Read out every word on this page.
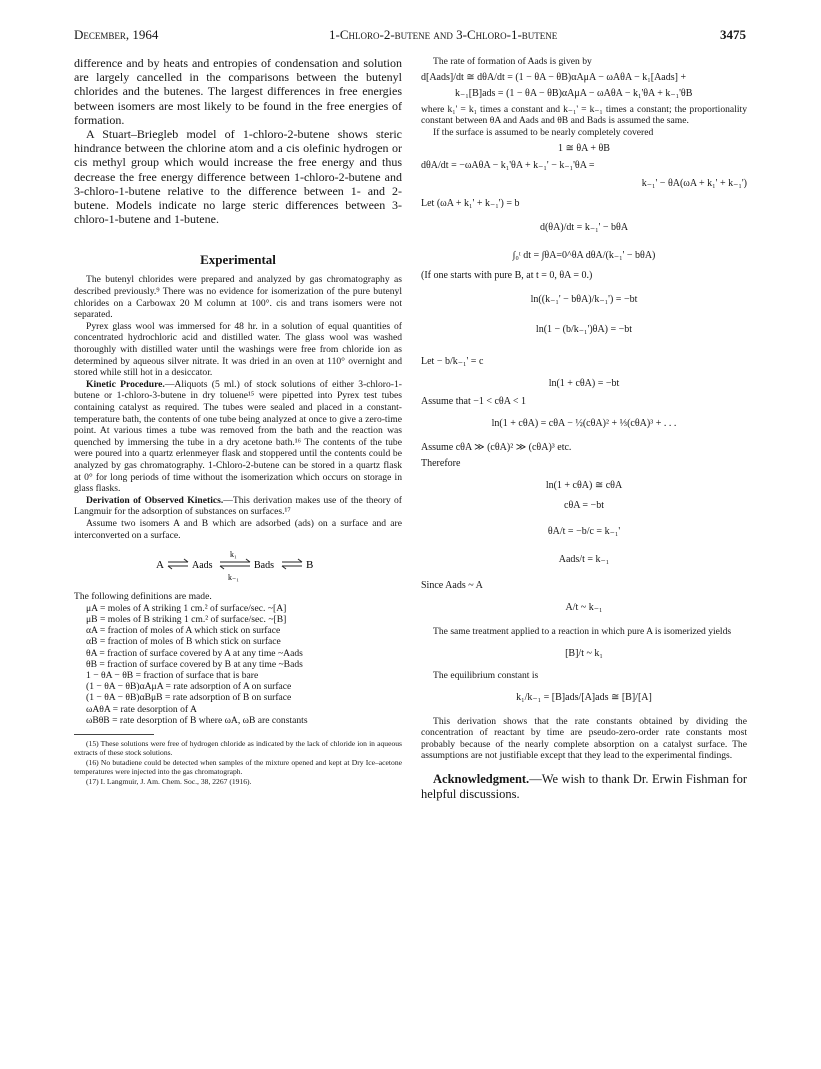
December, 1964	1-Chloro-2-butene and 3-Chloro-1-butene	3475

difference and by heats and entropies of condensation and solution are largely cancelled in the comparisons between the butenyl chlorides and the butenes. The largest differences in free energies between isomers are most likely to be found in the free energies of formation.

A Stuart–Briegleb model of 1-chloro-2-butene shows steric hindrance between the chlorine atom and a cis olefinic hydrogen or cis methyl group which would increase the free energy and thus decrease the free energy difference between 1-chloro-2-butene and 3-chloro-1-butene relative to the difference between 1- and 2-butene. Models indicate no large steric differences between 3-chloro-1-butene and 1-butene.

Experimental

The butenyl chlorides were prepared and analyzed by gas chromatography as described previously.⁹ There was no evidence for isomerization of the pure butenyl chlorides on a Carbowax 20 M column at 100°. cis and trans isomers were not separated.

Pyrex glass wool was immersed for 48 hr. in a solution of equal quantities of concentrated hydrochloric acid and distilled water. The glass wool was washed thoroughly with distilled water until the washings were free from chloride ion as determined by aqueous silver nitrate. It was dried in an oven at 110° overnight and stored while still hot in a desiccator.

Kinetic Procedure.—Aliquots (5 ml.) of stock solutions of either 3-chloro-1-butene or 1-chloro-3-butene in dry toluene¹⁵ were pipetted into Pyrex test tubes containing catalyst as required. The tubes were sealed and placed in a constant-temperature bath, the contents of one tube being analyzed at once to give a zero-time point. At various times a tube was removed from the bath and the reaction was quenched by immersing the tube in a dry acetone bath.¹⁶ The contents of the tube were poured into a quartz erlenmeyer flask and stoppered until the contents could be analyzed by gas chromatography. 1-Chloro-2-butene can be stored in a quartz flask at 0° for long periods of time without the isomerization which occurs on storage in glass flasks.

Derivation of Observed Kinetics.—This derivation makes use of the theory of Langmuir for the adsorption of substances on surfaces.¹⁷

Assume two isomers A and B which are adsorbed (ads) on a surface and are interconverted on a surface.

A	Aads
k₁
k₋₁
Bads	B

The following definitions are made.

μA = moles of A striking 1 cm.² of surface/sec. ~[A]
μB = moles of B striking 1 cm.² of surface/sec. ~[B]
αA = fraction of moles of A which stick on surface
αB = fraction of moles of B which stick on surface
θA = fraction of surface covered by A at any time ~Aads
θB = fraction of surface covered by B at any time ~Bads
1 − θA − θB = fraction of surface that is bare
(1 − θA − θB)αAμA = rate adsorption of A on surface
(1 − θA − θB)αBμB = rate adsorption of B on surface
ωAθA = rate desorption of A
ωBθB = rate desorption of B where ωA, ωB are constants

(15) These solutions were free of hydrogen chloride as indicated by the lack of chloride ion in aqueous extracts of these stock solutions.

(16) No butadiene could be detected when samples of the mixture opened and kept at Dry Ice–acetone temperatures were injected into the gas chromatograph.

(17) I. Langmuir, J. Am. Chem. Soc., 38, 2267 (1916).

The rate of formation of Aads is given by

d[Aads]/dt ≅ dθA/dt = (1 − θA − θB)αAμA − ωAθA − k₁[Aads] +
k₋₁[B]ads = (1 − θA − θB)αAμA − ωAθA − k₁'θA + k₋₁'θB

where k₁' = k₁ times a constant and k₋₁' = k₋₁ times a constant; the proportionality constant between θA and Aads and θB and Bads is assumed the same.

If the surface is assumed to be nearly completely covered

1 ≅ θA + θB
dθA/dt = −ωAθA − k₁'θA + k₋₁' − k₋₁'θA =
k₋₁' − θA(ωA + k₁' + k₋₁')
Let (ωA + k₁' + k₋₁') = b
d(θA)/dt = k₋₁' − bθA
∫₀ᵗ dt = ∫θA=0^θA dθA/(k₋₁' − bθA)
(If one starts with pure B, at t = 0, θA = 0.)
ln((k₋₁' − bθA)/k₋₁') = −bt
ln(1 − (b/k₋₁')θA) = −bt
Let − b/k₋₁' = c
ln(1 + cθA) = −bt
Assume that −1 < cθA < 1
ln(1 + cθA) = cθA − ½(cθA)² + ⅓(cθA)³ + . . .
Assume cθA ≫ (cθA)² ≫ (cθA)³ etc.
Therefore
ln(1 + cθA) ≅ cθA
cθA = −bt
θA/t = −b/c = k₋₁'
Aads/t = k₋₁
Since Aads ~ A
A/t ~ k₋₁

The same treatment applied to a reaction in which pure A is isomerized yields

[B]/t ~ k₁

The equilibrium constant is

k₁/k₋₁ = [B]ads/[A]ads ≅ [B]/[A]

This derivation shows that the rate constants obtained by dividing the concentration of reactant by time are pseudo-zero-order rate constants most probably because of the nearly complete absorption on a catalyst surface. The assumptions are not justifiable except that they lead to the experimental findings.

Acknowledgment.—We wish to thank Dr. Erwin Fishman for helpful discussions.
